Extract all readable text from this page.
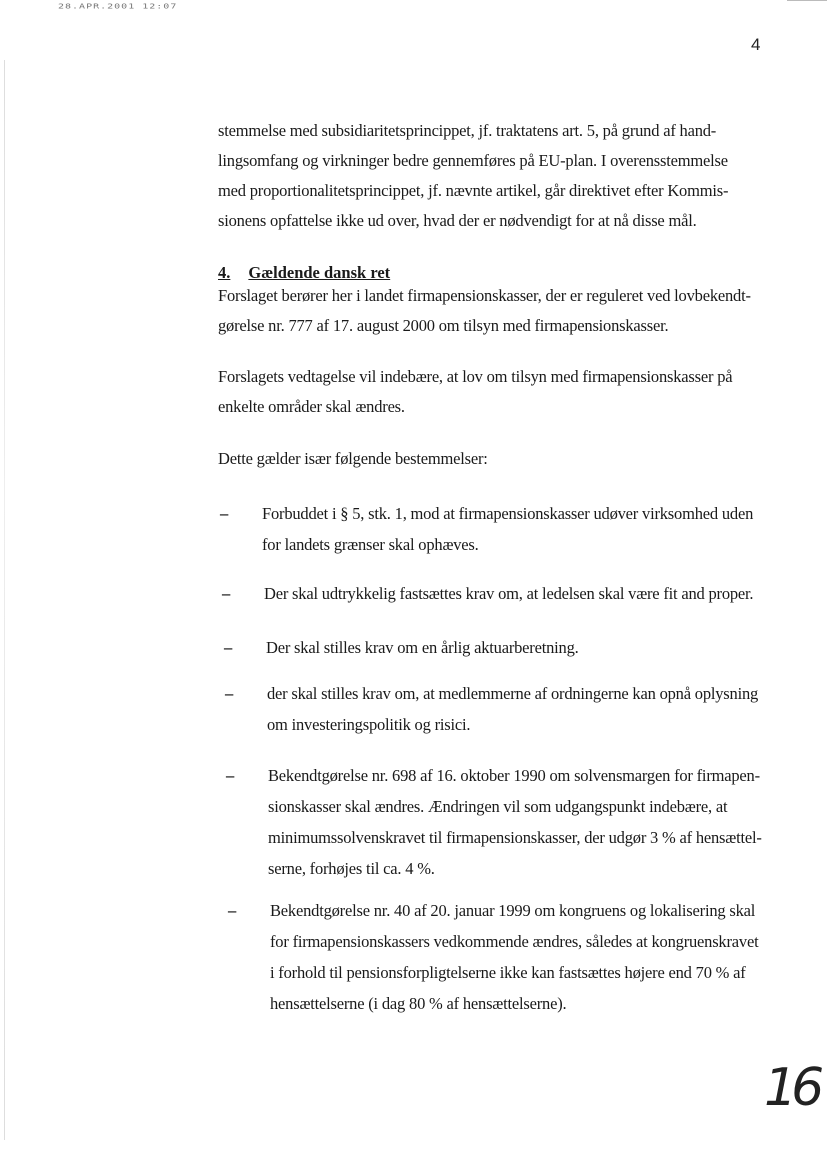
28.APR.2001 12:07
4
stemmelse med subsidiaritetsprincippet, jf. traktatens art. 5, på grund af hand-
lingsomfang og virkninger bedre gennemføres på EU-plan. I overensstemmelse
med proportionalitetsprincippet, jf. nævnte artikel, går direktivet efter Kommis-
sionens opfattelse ikke ud over, hvad der er nødvendigt for at nå disse mål.
4. Gældende dansk ret
Forslaget berører her i landet firmapensionskasser, der er reguleret ved lovbekendt-
gørelse nr. 777 af 17. august 2000 om tilsyn med firmapensionskasser.
Forslagets vedtagelse vil indebære, at lov om tilsyn med firmapensionskasser på
enkelte områder skal ændres.
Dette gælder især følgende bestemmelser:
– Forbuddet i § 5, stk. 1, mod at firmapensionskasser udøver virksomhed uden
for landets grænser skal ophæves.
– Der skal udtrykkelig fastsættes krav om, at ledelsen skal være fit and proper.
– Der skal stilles krav om en årlig aktuarberetning.
– der skal stilles krav om, at medlemmerne af ordningerne kan opnå oplysning
om investeringspolitik og risici.
– Bekendtgørelse nr. 698 af 16. oktober 1990 om solvensmargen for firmapen-
sionskasser skal ændres. Ændringen vil som udgangspunkt indebære, at
minimumssolvenskravet til firmapensionskasser, der udgør 3 % af hensættel-
serne, forhøjes til ca. 4 %.
– Bekendtgørelse nr. 40 af 20. januar 1999 om kongruens og lokalisering skal
for firmapensionskassers vedkommende ændres, således at kongruenskravet
i forhold til pensionsforpligtelserne ikke kan fastsættes højere end 70 % af
hensættelserne (i dag 80 % af hensættelserne).
16
